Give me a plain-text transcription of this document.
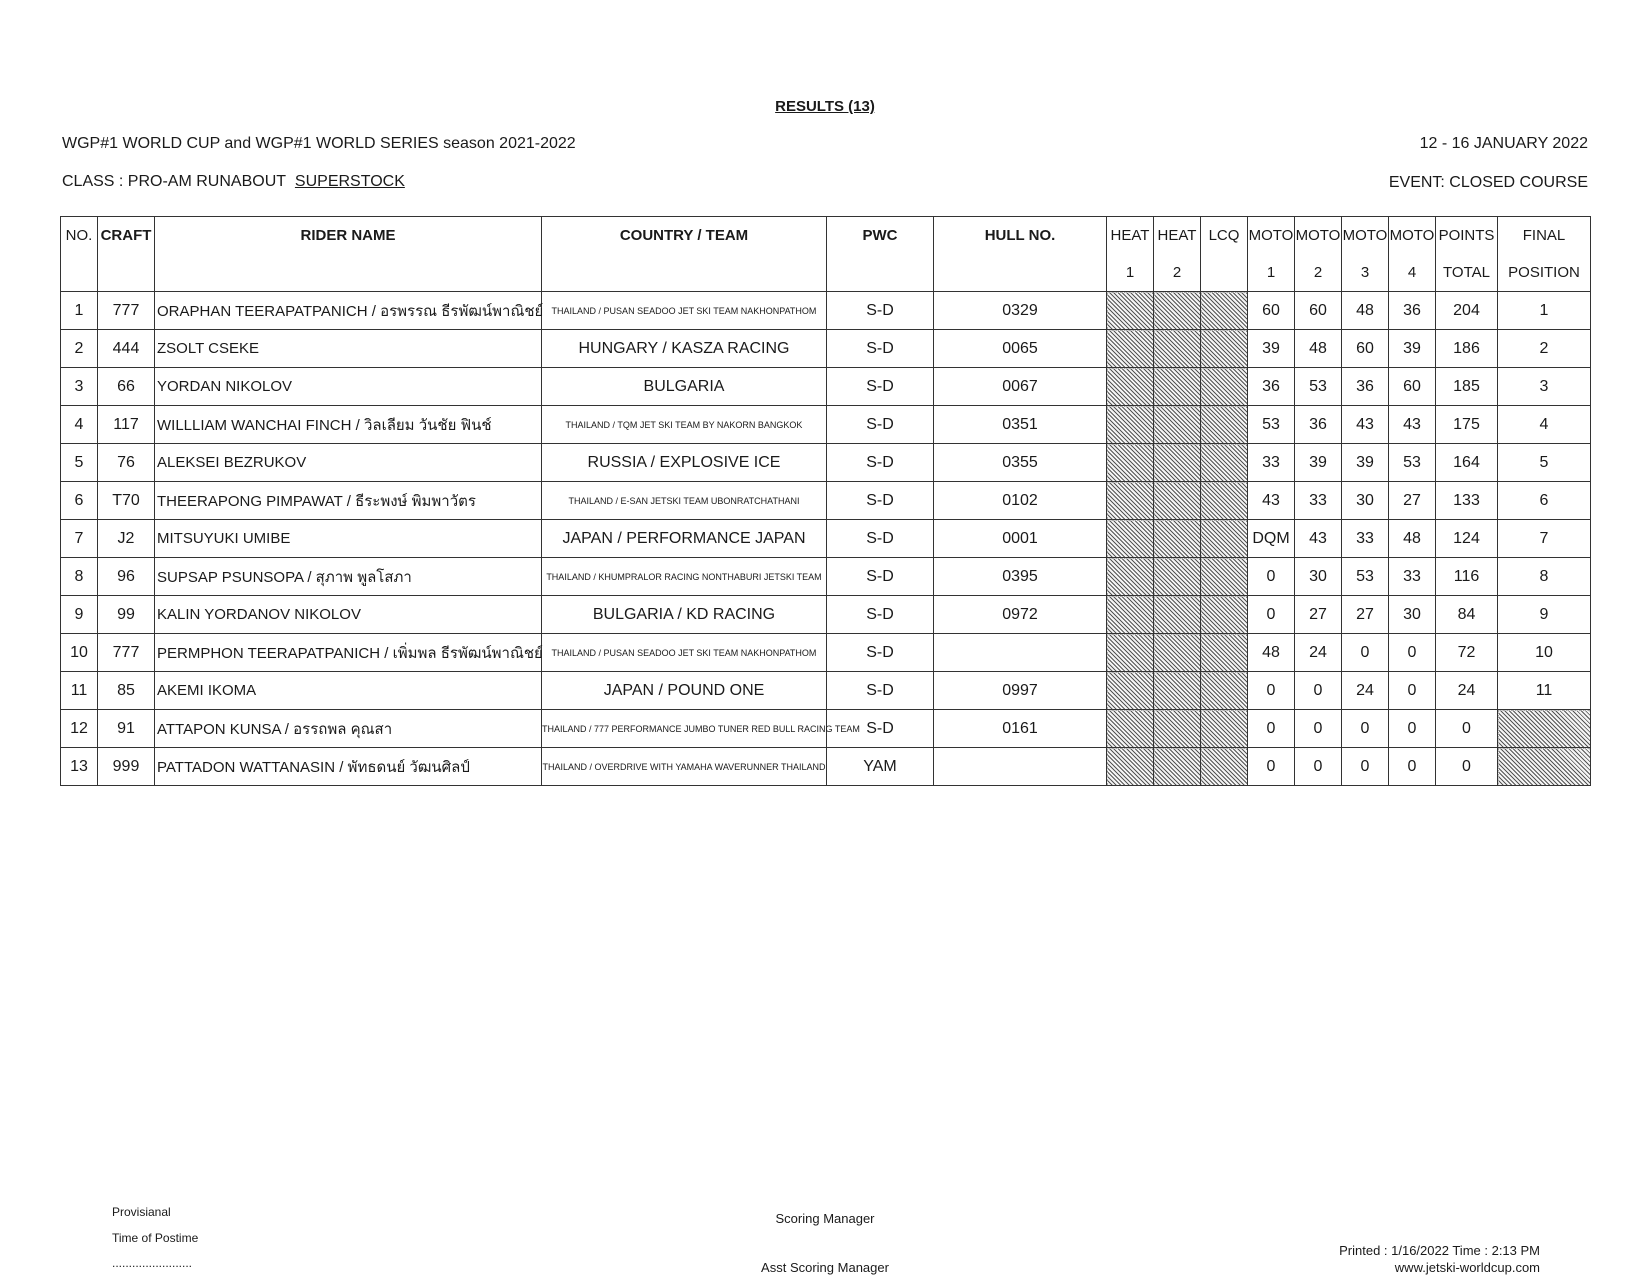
RESULTS (13)
WGP#1 WORLD CUP and WGP#1 WORLD SERIES season 2021-2022	12 - 16 JANUARY 2022
CLASS : PRO-AM RUNABOUT SUPERSTOCK	EVENT: CLOSED COURSE
NO.	CRAFT	RIDER NAME	COUNTRY / TEAM	PWC	HULL NO.	HEAT	HEAT	LCQ	MOTO	MOTO	MOTO	MOTO	POINTS	FINAL
						1	2		1	2	3	4	TOTAL	POSITION
1	777	ORAPHAN TEERAPATPANICH / อรพรรณ ธีรพัฒน์พาณิชย์	THAILAND / PUSAN SEADOO JET SKI TEAM NAKHONPATHOM	S-D	0329				60	60	48	36	204	1
2	444	ZSOLT CSEKE	HUNGARY / KASZA RACING	S-D	0065				39	48	60	39	186	2
3	66	YORDAN NIKOLOV	BULGARIA	S-D	0067				36	53	36	60	185	3
4	117	WILLLIAM WANCHAI FINCH / วิลเลียม วันชัย ฟินช์	THAILAND / TQM JET SKI TEAM BY NAKORN BANGKOK	S-D	0351				53	36	43	43	175	4
5	76	ALEKSEI BEZRUKOV	RUSSIA / EXPLOSIVE ICE	S-D	0355				33	39	39	53	164	5
6	T70	THEERAPONG PIMPAWAT / ธีระพงษ์ พิมพาวัตร	THAILAND / E-SAN JETSKI TEAM UBONRATCHATHANI	S-D	0102				43	33	30	27	133	6
7	J2	MITSUYUKI UMIBE	JAPAN / PERFORMANCE JAPAN	S-D	0001				DQM	43	33	48	124	7
8	96	SUPSAP PSUNSOPA / สุภาพ พูลโสภา	THAILAND / KHUMPRALOR RACING NONTHABURI JETSKI TEAM	S-D	0395				0	30	53	33	116	8
9	99	KALIN YORDANOV NIKOLOV	BULGARIA / KD RACING	S-D	0972				0	27	27	30	84	9
10	777	PERMPHON TEERAPATPANICH / เพิ่มพล ธีรพัฒน์พาณิชย์	THAILAND / PUSAN SEADOO JET SKI TEAM NAKHONPATHOM	S-D					48	24	0	0	72	10
11	85	AKEMI IKOMA	JAPAN / POUND ONE	S-D	0997				0	0	24	0	24	11
12	91	ATTAPON KUNSA / อรรถพล คุณสา	THAILAND / 777 PERFORMANCE JUMBO TUNER RED BULL RACING TEAM	S-D	0161				0	0	0	0	0	
13	999	PATTADON WATTANASIN / พัทธดนย์ วัฒนศิลป์	THAILAND / OVERDRIVE WITH YAMAHA WAVERUNNER THAILAND	YAM					0	0	0	0	0	
Provisianal
Time of Postime
........................
Scoring Manager
Asst Scoring Manager
Printed : 1/16/2022 Time : 2:13 PM
www.jetski-worldcup.com
